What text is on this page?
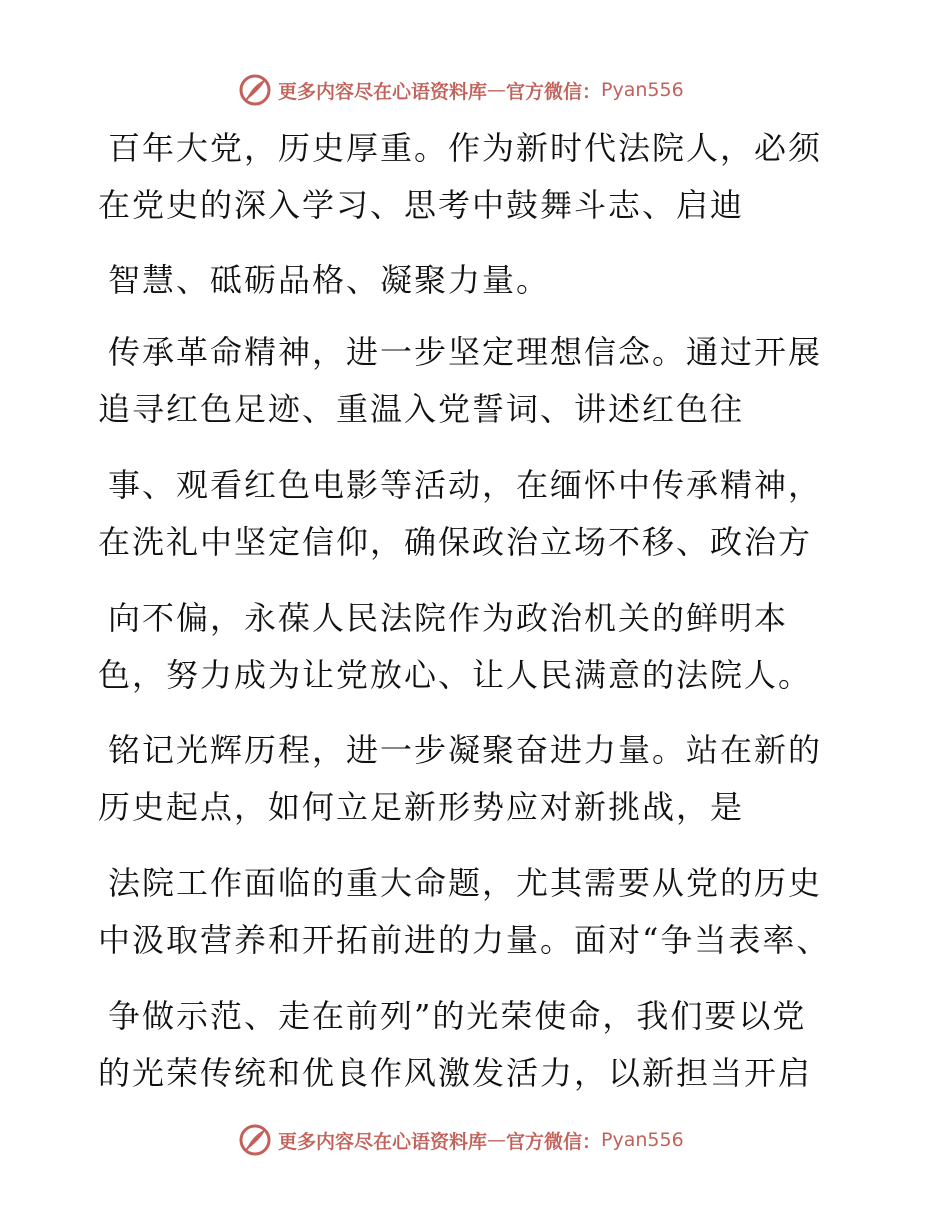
更多内容尽在心语资料库 — 官方微信： Pyan556

百年大党，历史厚重。作为新时代法院人，必须

在党史的深入学习、思考中鼓舞斗志、启迪

智慧、砥砺品格、凝聚力量。

传承革命精神，进一步坚定理想信念。通过开展

追寻红色足迹、重温入党誓词、讲述红色往

事、观看红色电影等活动，在缅怀中传承精神，

在洗礼中坚定信仰，确保政治立场不移、政治方

向不偏，永葆人民法院作为政治机关的鲜明本

色，努力成为让党放心、让人民满意的法院人。

铭记光辉历程，进一步凝聚奋进力量。站在新的

历史起点，如何立足新形势应对新挑战，是

法院工作面临的重大命题，尤其需要从党的历史

中汲取营养和开拓前进的力量。面对“争当表率、

争做示范、走在前列”的光荣使命，我们要以党

的光荣传统和优良作风激发活力，以新担当开启

更多内容尽在心语资料库 — 官方微信： Pyan556
